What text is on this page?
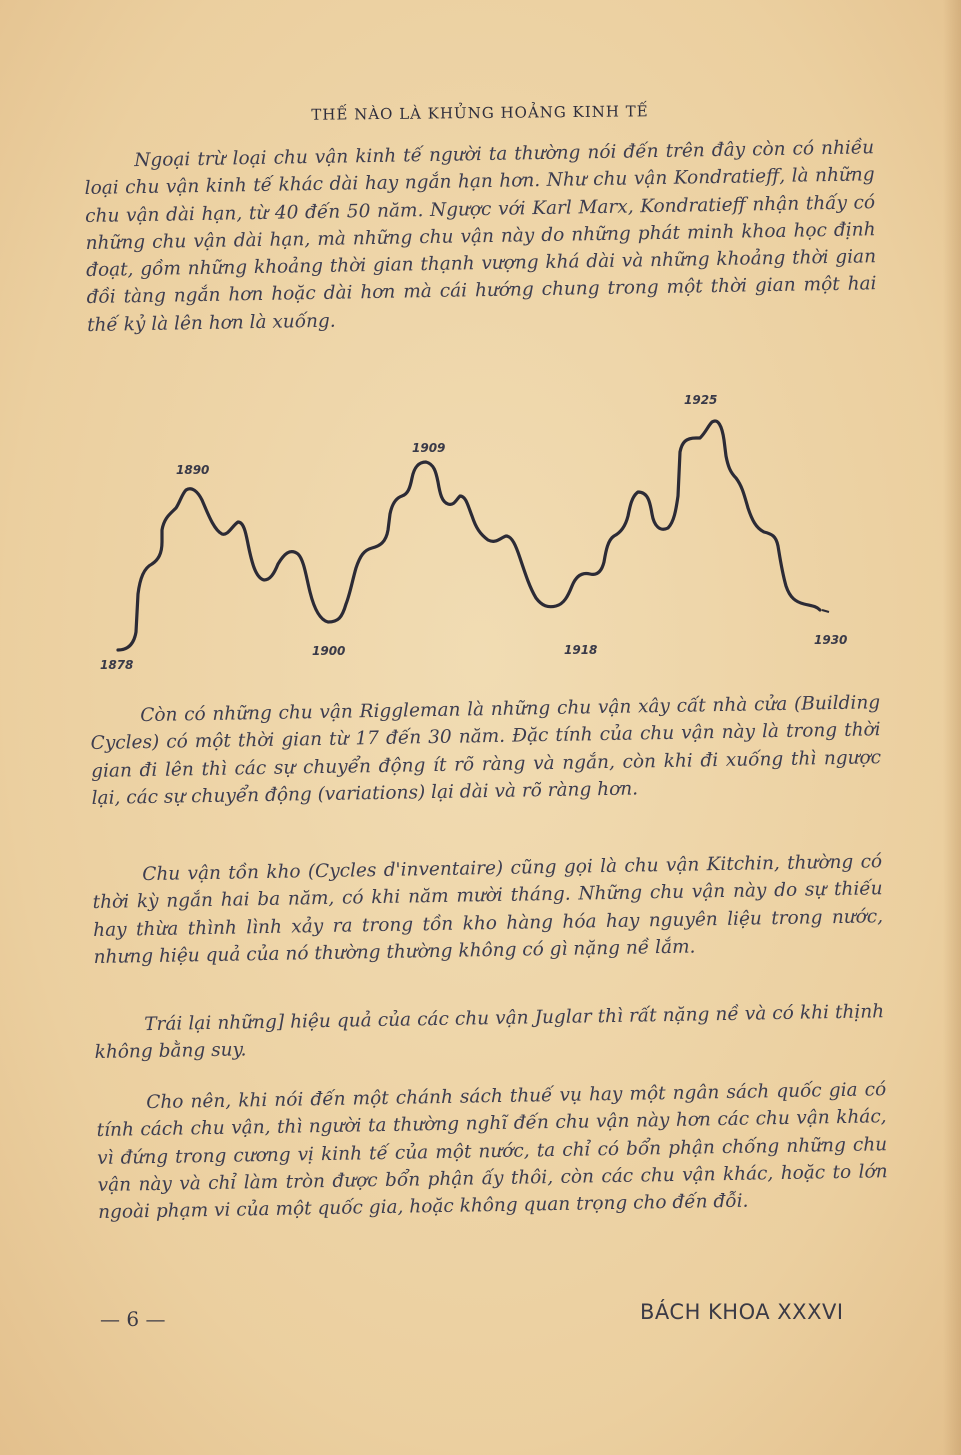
THẾ NÀO LÀ KHỦNG HOẢNG KINH TẾ

Ngoại trừ loại chu vận kinh tế người ta thường nói đến trên đây còn có nhiều loại chu vận kinh tế khác dài hay ngắn hạn hơn. Như chu vận Kondratieff, là những chu vận dài hạn, từ 40 đến 50 năm. Ngược với Karl Marx, Kondratieff nhận thấy có những chu vận dài hạn, mà những chu vận này do những phát minh khoa học định đoạt, gồm những khoảng thời gian thạnh vượng khá dài và những khoảng thời gian đồi tàng ngắn hơn hoặc dài hơn mà cái hướng chung trong một thời gian một hai thế kỷ là lên hơn là xuống.

1878
1890
1900
1909
1918
1925
1930

Còn có những chu vận Riggleman là những chu vận xây cất nhà cửa (Building Cycles) có một thời gian từ 17 đến 30 năm. Đặc tính của chu vận này là trong thời gian đi lên thì các sự chuyển động ít rõ ràng và ngắn, còn khi đi xuống thì ngược lại, các sự chuyển động (variations) lại dài và rõ ràng hơn.

Chu vận tồn kho (Cycles d'inventaire) cũng gọi là chu vận Kitchin, thường có thời kỳ ngắn hai ba năm, có khi năm mười tháng. Những chu vận này do sự thiếu hay thừa thình lình xảy ra trong tồn kho hàng hóa hay nguyên liệu trong nước, nhưng hiệu quả của nó thường thường không có gì nặng nề lắm.

Trái lại những] hiệu quả của các chu vận Juglar thì rất nặng nề và có khi thịnh không bằng suy.

Cho nên, khi nói đến một chánh sách thuế vụ hay một ngân sách quốc gia có tính cách chu vận, thì người ta thường nghĩ đến chu vận này hơn các chu vận khác, vì đứng trong cương vị kinh tế của một nước, ta chỉ có bổn phận chống những chu vận này và chỉ làm tròn được bổn phận ấy thôi, còn các chu vận khác, hoặc to lớn ngoài phạm vi của một quốc gia, hoặc không quan trọng cho đến đỗi.

— 6 —	BÁCH KHOA XXXVI
